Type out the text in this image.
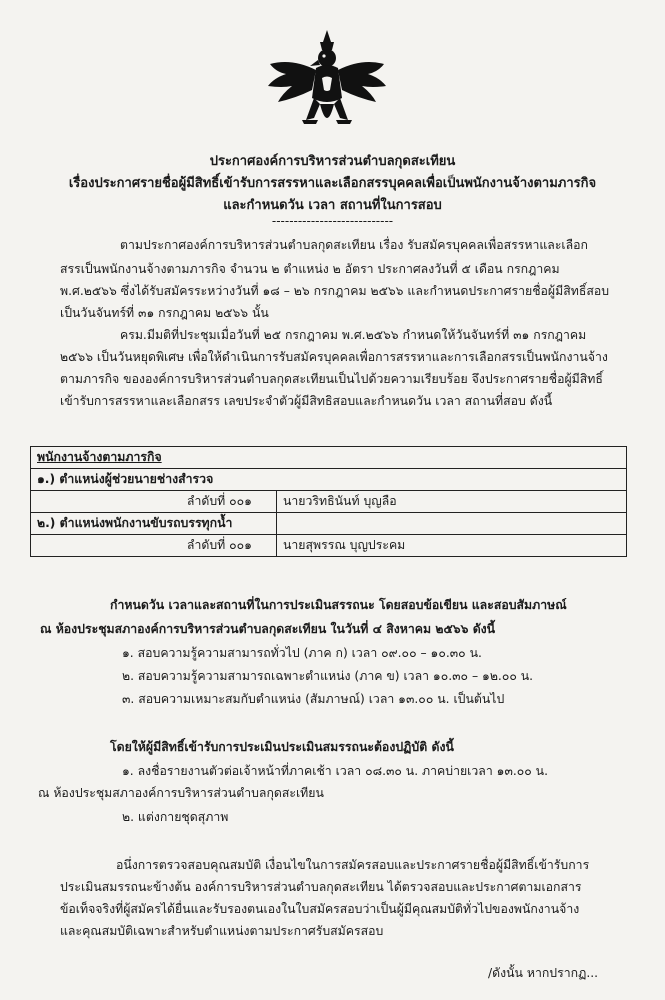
ประกาศองค์การบริหารส่วนตำบลกุดสะเทียน
เรื่องประกาศรายชื่อผู้มีสิทธิ์เข้ารับการสรรหาและเลือกสรรบุคคลเพื่อเป็นพนักงานจ้างตามภารกิจ
และกำหนดวัน เวลา สถานที่ในการสอบ
----------------------------
ตามประกาศองค์การบริหารส่วนตำบลกุดสะเทียน เรื่อง รับสมัครบุคคลเพื่อสรรหาและเลือก
สรรเป็นพนักงานจ้างตามภารกิจ จำนวน ๒ ตำแหน่ง ๒ อัตรา ประกาศลงวันที่ ๕ เดือน กรกฎาคม
พ.ศ.๒๕๖๖ ซึ่งได้รับสมัครระหว่างวันที่ ๑๘ – ๒๖ กรกฎาคม ๒๕๖๖ และกำหนดประกาศรายชื่อผู้มีสิทธิ์สอบ
เป็นวันจันทร์ที่ ๓๑ กรกฎาคม ๒๕๖๖ นั้น
ครม.มีมติที่ประชุมเมื่อวันที่ ๒๕ กรกฎาคม พ.ศ.๒๕๖๖ กำหนดให้วันจันทร์ที่ ๓๑ กรกฎาคม
๒๕๖๖ เป็นวันหยุดพิเศษ เพื่อให้ดำเนินการรับสมัครบุคคลเพื่อการสรรหาและการเลือกสรรเป็นพนักงานจ้าง
ตามภารกิจ ขององค์การบริหารส่วนตำบลกุดสะเทียนเป็นไปด้วยความเรียบร้อย จึงประกาศรายชื่อผู้มีสิทธิ์
เข้ารับการสรรหาและเลือกสรร เลขประจำตัวผู้มีสิทธิสอบและกำหนดวัน เวลา สถานที่สอบ ดังนี้
พนักงานจ้างตามภารกิจ	
๑.) ตำแหน่งผู้ช่วยนายช่างสำรวจ	
ลำดับที่ ๐๐๑	นายวริทธินันท์ บุญลือ
๒.) ตำแหน่งพนักงานขับรถบรรทุกน้ำ	
ลำดับที่ ๐๐๑	นายสุพรรณ บุญประคม
กำหนดวัน เวลาและสถานที่ในการประเมินสรรถนะ โดยสอบข้อเขียน และสอบสัมภาษณ์
ณ ห้องประชุมสภาองค์การบริหารส่วนตำบลกุดสะเทียน ในวันที่ ๔ สิงหาคม ๒๕๖๖ ดังนี้
๑. สอบความรู้ความสามารถทั่วไป (ภาค ก) เวลา ๐๙.๐๐ – ๑๐.๓๐ น.
๒. สอบความรู้ความสามารถเฉพาะตำแหน่ง (ภาค ข) เวลา ๑๐.๓๐ – ๑๒.๐๐ น.
๓. สอบความเหมาะสมกับตำแหน่ง (สัมภาษณ์) เวลา ๑๓.๐๐ น. เป็นต้นไป
โดยให้ผู้มีสิทธิ์เข้ารับการประเมินประเมินสมรรถนะต้องปฏิบัติ ดังนี้
๑. ลงชื่อรายงานตัวต่อเจ้าหน้าที่ภาคเช้า เวลา ๐๘.๓๐ น. ภาคบ่ายเวลา ๑๓.๐๐ น.
ณ ห้องประชุมสภาองค์การบริหารส่วนตำบลกุดสะเทียน
๒. แต่งกายชุดสุภาพ
อนึ่งการตรวจสอบคุณสมบัติ เงื่อนไขในการสมัครสอบและประกาศรายชื่อผู้มีสิทธิ์เข้ารับการ
ประเมินสมรรถนะข้างต้น องค์การบริหารส่วนตำบลกุดสะเทียน ได้ตรวจสอบและประกาศตามเอกสาร
ข้อเท็จจริงที่ผู้สมัครได้ยื่นและรับรองตนเองในใบสมัครสอบว่าเป็นผู้มีคุณสมบัติทั่วไปของพนักงานจ้าง
และคุณสมบัติเฉพาะสำหรับตำแหน่งตามประกาศรับสมัครสอบ
/ดังนั้น หากปรากฏ...
